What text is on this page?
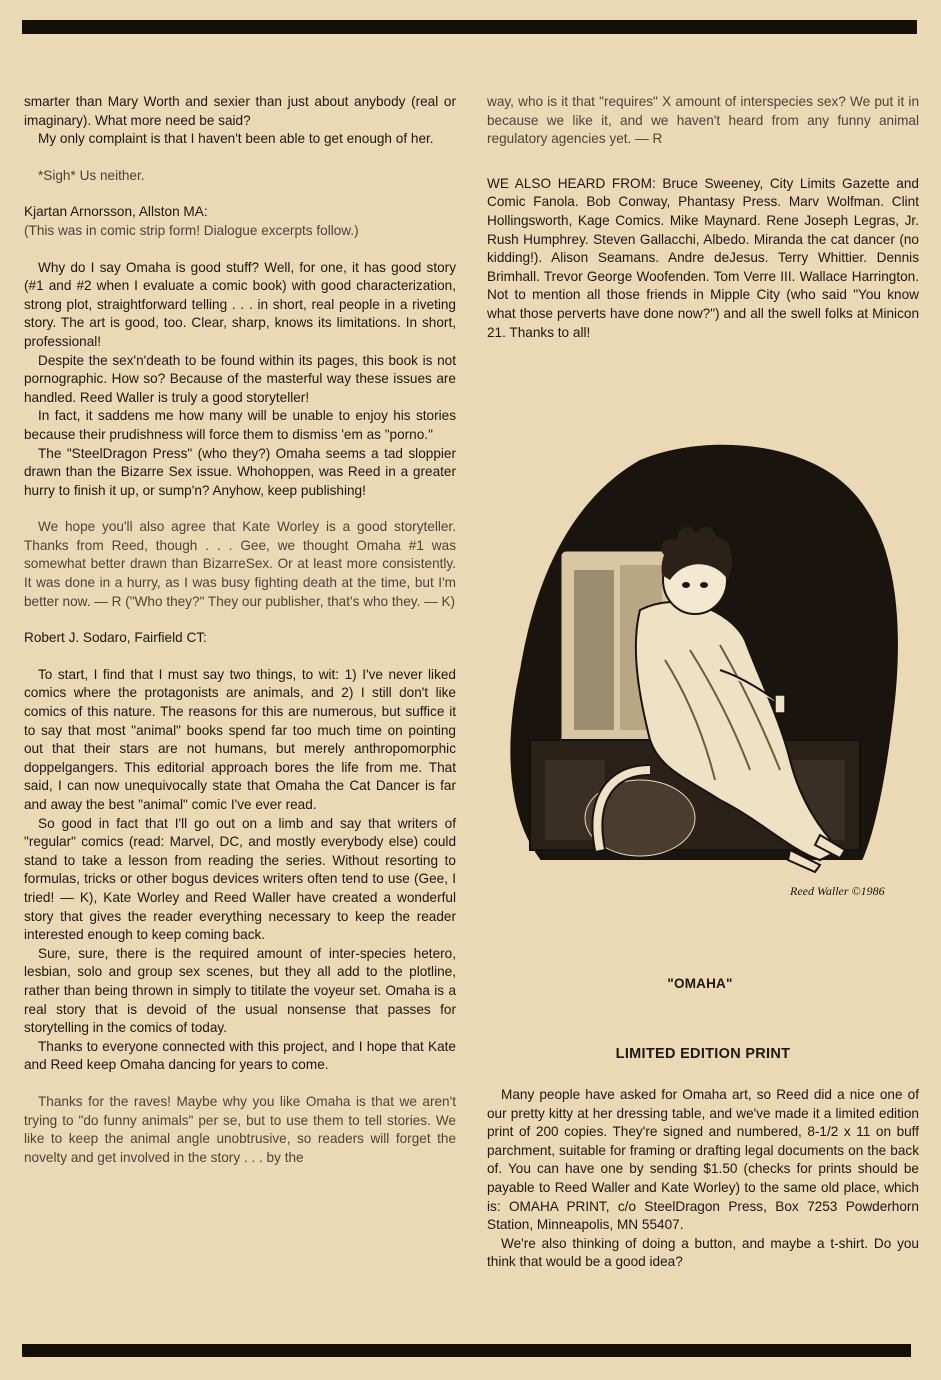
smarter than Mary Worth and sexier than just about anybody (real or imaginary). What more need be said?

My only complaint is that I haven't been able to get enough of her.

*Sigh* Us neither.

Kjartan Arnorsson, Allston MA:

(This was in comic strip form! Dialogue excerpts follow.)

Why do I say Omaha is good stuff? Well, for one, it has good story (#1 and #2 when I evaluate a comic book) with good characterization, strong plot, straightforward telling . . . in short, real people in a riveting story. The art is good, too. Clear, sharp, knows its limitations. In short, professional!

Despite the sex'n'death to be found within its pages, this book is not pornographic. How so? Because of the masterful way these issues are handled. Reed Waller is truly a good storyteller!

In fact, it saddens me how many will be unable to enjoy his stories because their prudishness will force them to dismiss 'em as "porno."

The "SteelDragon Press" (who they?) Omaha seems a tad sloppier drawn than the Bizarre Sex issue. Whohoppen, was Reed in a greater hurry to finish it up, or sump'n? Anyhow, keep publishing!

We hope you'll also agree that Kate Worley is a good storyteller. Thanks from Reed, though . . . Gee, we thought Omaha #1 was somewhat better drawn than BizarreSex. Or at least more consistently. It was done in a hurry, as I was busy fighting death at the time, but I'm better now. — R ("Who they?" They our publisher, that's who they. — K)

Robert J. Sodaro, Fairfield CT:

To start, I find that I must say two things, to wit: 1) I've never liked comics where the protagonists are animals, and 2) I still don't like comics of this nature. The reasons for this are numerous, but suffice it to say that most "animal" books spend far too much time on pointing out that their stars are not humans, but merely anthropomorphic doppelgangers. This editorial approach bores the life from me. That said, I can now unequivocally state that Omaha the Cat Dancer is far and away the best "animal" comic I've ever read.

So good in fact that I'll go out on a limb and say that writers of "regular" comics (read: Marvel, DC, and mostly everybody else) could stand to take a lesson from reading the series. Without resorting to formulas, tricks or other bogus devices writers often tend to use (Gee, I tried! — K), Kate Worley and Reed Waller have created a wonderful story that gives the reader everything necessary to keep the reader interested enough to keep coming back.

Sure, sure, there is the required amount of inter-species hetero, lesbian, solo and group sex scenes, but they all add to the plotline, rather than being thrown in simply to titilate the voyeur set. Omaha is a real story that is devoid of the usual nonsense that passes for storytelling in the comics of today.

Thanks to everyone connected with this project, and I hope that Kate and Reed keep Omaha dancing for years to come.

Thanks for the raves! Maybe why you like Omaha is that we aren't trying to "do funny animals" per se, but to use them to tell stories. We like to keep the animal angle unobtrusive, so readers will forget the novelty and get involved in the story . . . by the

way, who is it that "requires" X amount of interspecies sex? We put it in because we like it, and we haven't heard from any funny animal regulatory agencies yet. — R

WE ALSO HEARD FROM: Bruce Sweeney, City Limits Gazette and Comic Fanola. Bob Conway, Phantasy Press. Marv Wolfman. Clint Hollingsworth, Kage Comics. Mike Maynard. Rene Joseph Legras, Jr. Rush Humphrey. Steven Gallacchi, Albedo. Miranda the cat dancer (no kidding!). Alison Seamans. Andre deJesus. Terry Whittier. Dennis Brimhall. Trevor George Woofenden. Tom Verre III. Wallace Harrington. Not to mention all those friends in Mipple City (who said "You know what those perverts have done now?") and all the swell folks at Minicon 21. Thanks to all!

Reed Waller ©1986
"OMAHA"
LIMITED EDITION PRINT

Many people have asked for Omaha art, so Reed did a nice one of our pretty kitty at her dressing table, and we've made it a limited edition print of 200 copies. They're signed and numbered, 8-1/2 x 11 on buff parchment, suitable for framing or drafting legal documents on the back of. You can have one by sending $1.50 (checks for prints should be payable to Reed Waller and Kate Worley) to the same old place, which is: OMAHA PRINT, c/o SteelDragon Press, Box 7253 Powderhorn Station, Minneapolis, MN 55407.

We're also thinking of doing a button, and maybe a t-shirt. Do you think that would be a good idea?
